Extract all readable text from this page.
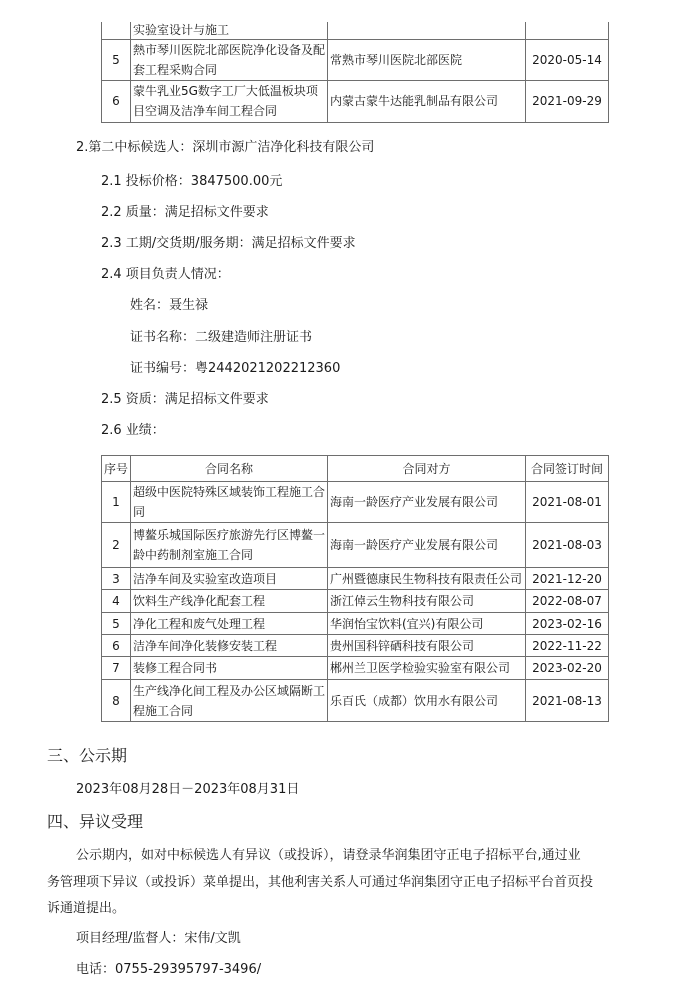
	实验室设计与施工		
5	熱市琴川医院北部医院净化设备及配套工程采购合同	常熟市琴川医院北部医院	2020-05-14
6	蒙牛乳业5G数字工厂大低温板块项目空调及洁净车间工程合同	内蒙古蒙牛达能乳制品有限公司	2021-09-29
2.第二中标候选人：深圳市源广洁净化科技有限公司
2.1 投标价格：3847500.00元
2.2 质量：满足招标文件要求
2.3 工期/交货期/服务期：满足招标文件要求
2.4 项目负责人情况：
姓名：聂生禄
证书名称：二级建造师注册证书
证书编号：粤2442021202212360
2.5 资质：满足招标文件要求
2.6 业绩：
序号	合同名称	合同对方	合同签订时间
1	超级中医院特殊区域装饰工程施工合同	海南一龄医疗产业发展有限公司	2021-08-01
2	博鳌乐城国际医疗旅游先行区博鳌一龄中药制剂室施工合同	海南一龄医疗产业发展有限公司	2021-08-03
3	洁净车间及实验室改造项目	广州暨德康民生物科技有限责任公司	2021-12-20
4	饮料生产线净化配套工程	浙江倬云生物科技有限公司	2022-08-07
5	净化工程和废气处理工程	华润怡宝饮料(宜兴)有限公司	2023-02-16
6	洁净车间净化装修安装工程	贵州国科锌硒科技有限公司	2022-11-22
7	装修工程合同书	郴州兰卫医学检验实验室有限公司	2023-02-20
8	生产线净化间工程及办公区域隔断工程施工合同	乐百氏（成都）饮用水有限公司	2021-08-13
三、公示期
2023年08月28日－2023年08月31日
四、异议受理
公示期内，如对中标候选人有异议（或投诉），请登录华润集团守正电子招标平台,通过业
务管理项下异议（或投诉）菜单提出，其他利害关系人可通过华润集团守正电子招标平台首页投
诉通道提出。
项目经理/监督人：宋伟/文凯
电话：0755-29395797-3496/
